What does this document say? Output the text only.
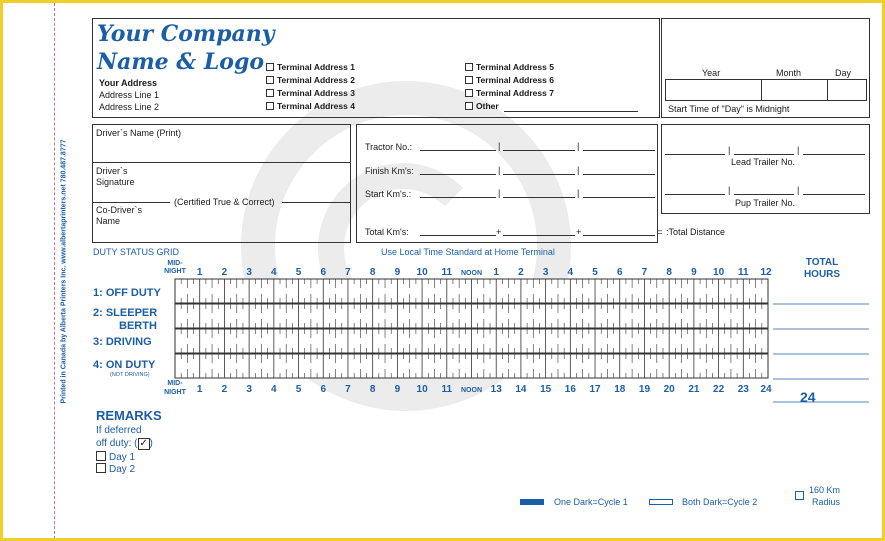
Printed in Canada by Alberta Printers Inc. www.albertaprinters.net 780.487.8777
Your Company
Name & Logo
Your Address
Address Line 1
Address Line 2
Terminal Address 1
Terminal Address 2
Terminal Address 3
Terminal Address 4
Terminal Address 5
Terminal Address 6
Terminal Address 7
Other
Year	Month	Day
Start Time of "Day" is Midnight
Driver`s Name (Print)
Driver`s
Signature
(Certified True & Correct)
Co-Driver`s
Name
Tractor No.:
Finish Km's:
Start Km's.:
Total Km's:	:Total Distance
Lead Trailer No.
Pup Trailer No.
DUTY STATUS GRID	Use Local Time Standard at Home Terminal
TOTAL HOURS
1: OFF DUTY
2: SLEEPER
BERTH
3: DRIVING
4: ON DUTY
(NOT DRIVING)
24
1 2 3 4 5 6 7 8 9 10 11 NOON 1 2 3 4 5 6 7 8 9 10 11 12
1 2 3 4 5 6 7 8 9 10 11 NOON 13 14 15 16 17 18 19 20 21 22 23 24
MID-
NIGHT
MID-
NIGHT
REMARKS
If deferred
off duty: ( ✓ )
Day 1
Day 2
One Dark=Cycle 1	Both Dark=Cycle 2
160 Km
Radius
|	|
|	|
|	|
+	+	=
|	|
|	|
